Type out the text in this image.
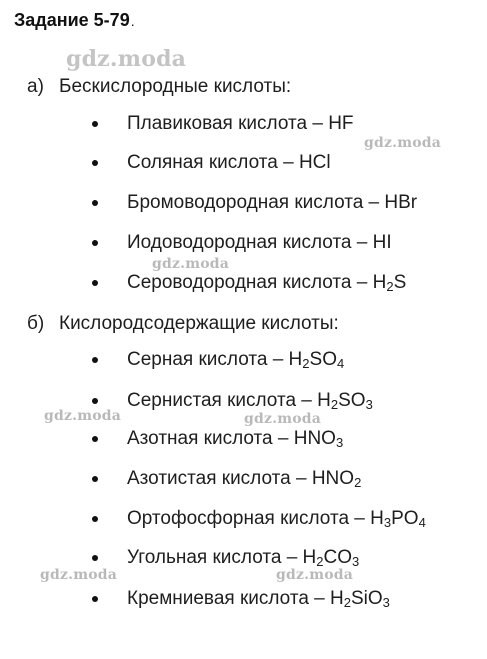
Задание 5-79.
а) Бескислородные кислоты:
Плавиковая кислота – HF
Соляная кислота – HCl
Бромоводородная кислота – HBr
Иодоводородная кислота – HI
Сероводородная кислота – $H_2S$
б) Кислородсодержащие кислоты:
Серная кислота – $H_2SO_4$
Сернистая кислота – $H_2SO_3$
Азотная кислота – $HNO_3$
Азотистая кислота – $HNO_2$
Ортофосфорная кислота – $H_3PO_4$
Угольная кислота – $H_2CO_3$
Кремниевая кислота – $H_2SiO_3$
gdz.moda
gdz.moda
gdz.moda
gdz.moda	gdz.moda
gdz.moda	gdz.moda
